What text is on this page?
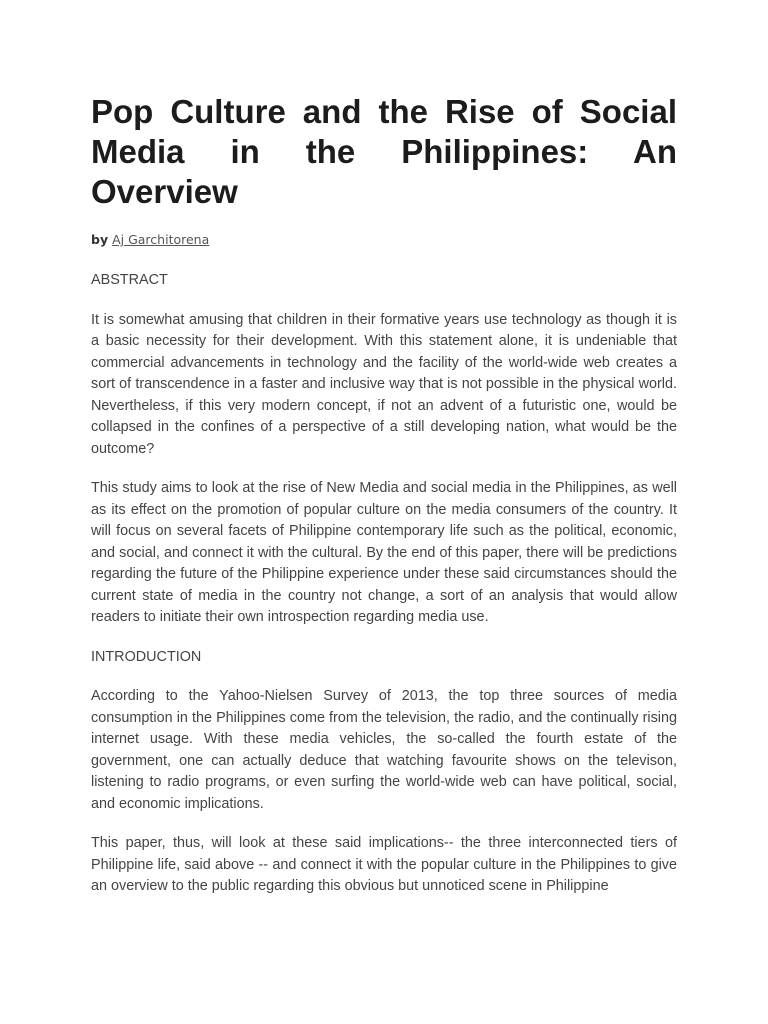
Pop Culture and the Rise of Social Media in the Philippines: An Overview
by Aj Garchitorena
ABSTRACT

It is somewhat amusing that children in their formative years use technology as though it is a basic necessity for their development. With this statement alone, it is undeniable that commercial advancements in technology and the facility of the world-wide web creates a sort of transcendence in a faster and inclusive way that is not possible in the physical world. Nevertheless, if this very modern concept, if not an advent of a futuristic one, would be collapsed in the confines of a perspective of a still developing nation, what would be the outcome?

This study aims to look at the rise of New Media and social media in the Philippines, as well as its effect on the promotion of popular culture on the media consumers of the country. It will focus on several facets of Philippine contemporary life such as the political, economic, and social, and connect it with the cultural. By the end of this paper, there will be predictions regarding the future of the Philippine experience under these said circumstances should the current state of media in the country not change, a sort of an analysis that would allow readers to initiate their own introspection regarding media use.

INTRODUCTION

According to the Yahoo-Nielsen Survey of 2013, the top three sources of media consumption in the Philippines come from the television, the radio, and the continually rising internet usage. With these media vehicles, the so-called the fourth estate of the government, one can actually deduce that watching favourite shows on the televison, listening to radio programs, or even surfing the world-wide web can have political, social, and economic implications.

This paper, thus, will look at these said implications-- the three interconnected tiers of Philippine life, said above -- and connect it with the popular culture in the Philippines to give an overview to the public regarding this obvious but unnoticed scene in Philippine
